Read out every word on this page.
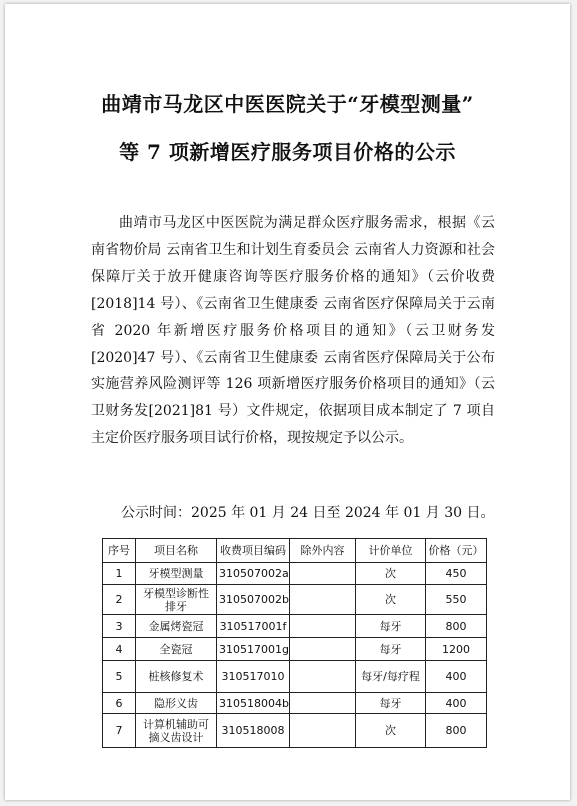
曲靖市马龙区中医医院关于“牙模型测量”
等 7 项新增医疗服务项目价格的公示

曲靖市马龙区中医医院为满足群众医疗服务需求，根据《云南省物价局 云南省卫生和计划生育委员会 云南省人力资源和社会保障厅关于放开健康咨询等医疗服务价格的通知》（云价收费[2018]14 号）、《云南省卫生健康委 云南省医疗保障局关于云南省 2020 年新增医疗服务价格项目的通知》（云卫财务发[2020]47 号）、《云南省卫生健康委 云南省医疗保障局关于公布实施营养风险测评等 126 项新增医疗服务价格项目的通知》（云卫财务发[2021]81 号）文件规定，依据项目成本制定了 7 项自主定价医疗服务项目试行价格，现按规定予以公示。

公示时间：2025 年 01 月 24 日至 2024 年 01 月 30 日。
序号	项目名称	收费项目编码	除外内容	计价单位	价格（元）
1	牙模型测量	310507002a		次	450
2	牙模型诊断性排牙	310507002b		次	550
3	金属烤瓷冠	310517001f		每牙	800
4	全瓷冠	310517001g		每牙	1200
5	桩核修复术	310517010		每牙/每疗程	400
6	隐形义齿	310518004b		每牙	400
7	计算机辅助可摘义齿设计	310518008		次	800
